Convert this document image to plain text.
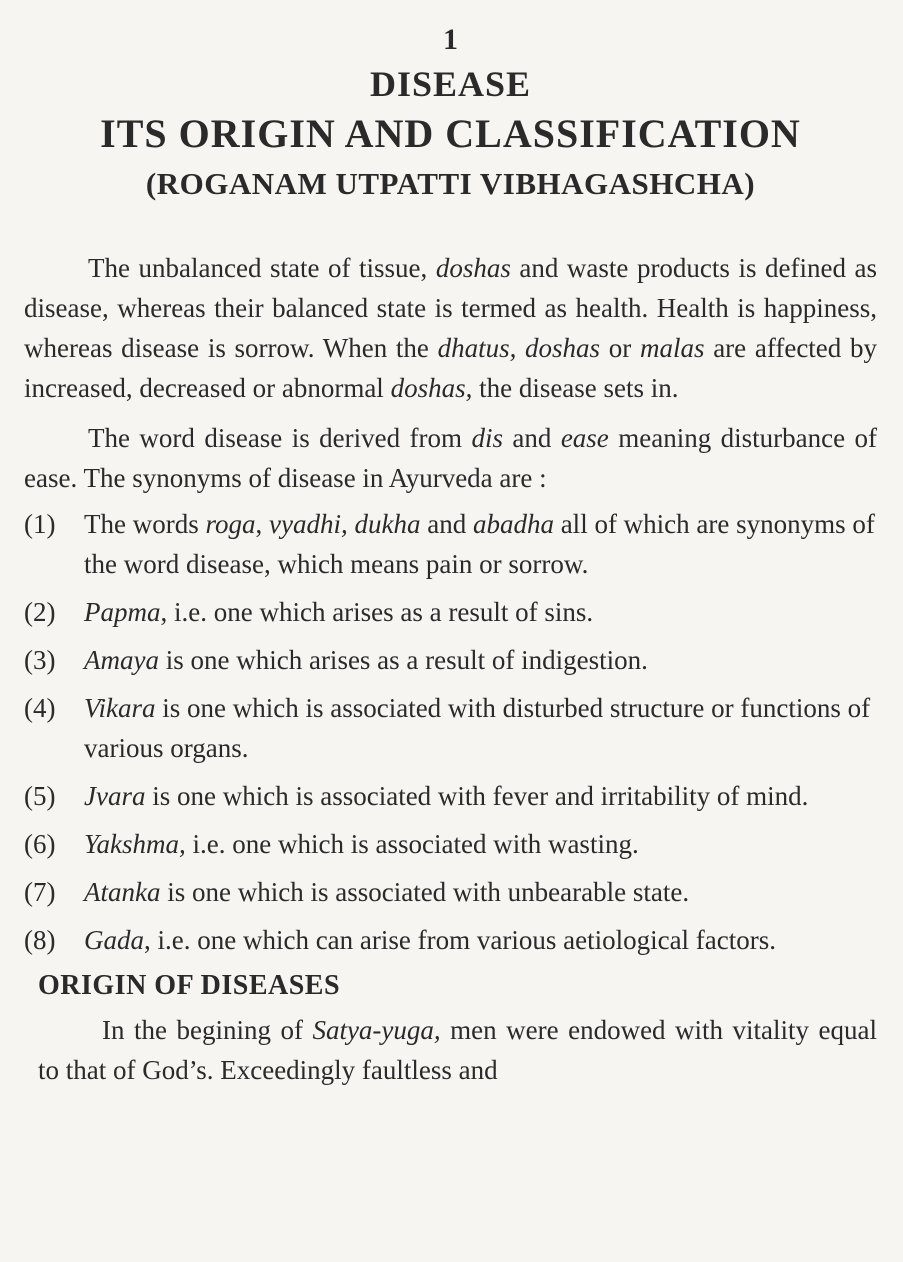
1

DISEASE
ITS ORIGIN AND CLASSIFICATION
(ROGANAM UTPATTI VIBHAGASHCHA)

The unbalanced state of tissue, doshas and waste products is defined as disease, whereas their balanced state is termed as health. Health is happiness, whereas disease is sorrow. When the dhatus, doshas or malas are affected by increased, decreased or abnormal doshas, the disease sets in.

The word disease is derived from dis and ease meaning disturbance of ease. The synonyms of disease in Ayurveda are :

(1)	The words roga, vyadhi, dukha and abadha all of which are synonyms of the word disease, which means pain or sorrow.
(2)	Papma, i.e. one which arises as a result of sins.
(3)	Amaya is one which arises as a result of indigestion.
(4)	Vikara is one which is associated with disturbed structure or functions of various organs.
(5)	Jvara is one which is associated with fever and irritability of mind.
(6)	Yakshma, i.e. one which is associated with wasting.
(7)	Atanka is one which is associated with unbearable state.
(8)	Gada, i.e. one which can arise from various aetiological factors.
ORIGIN OF DISEASES

In the begining of Satya-yuga, men were endowed with vitality equal to that of God’s. Exceedingly faultless and
